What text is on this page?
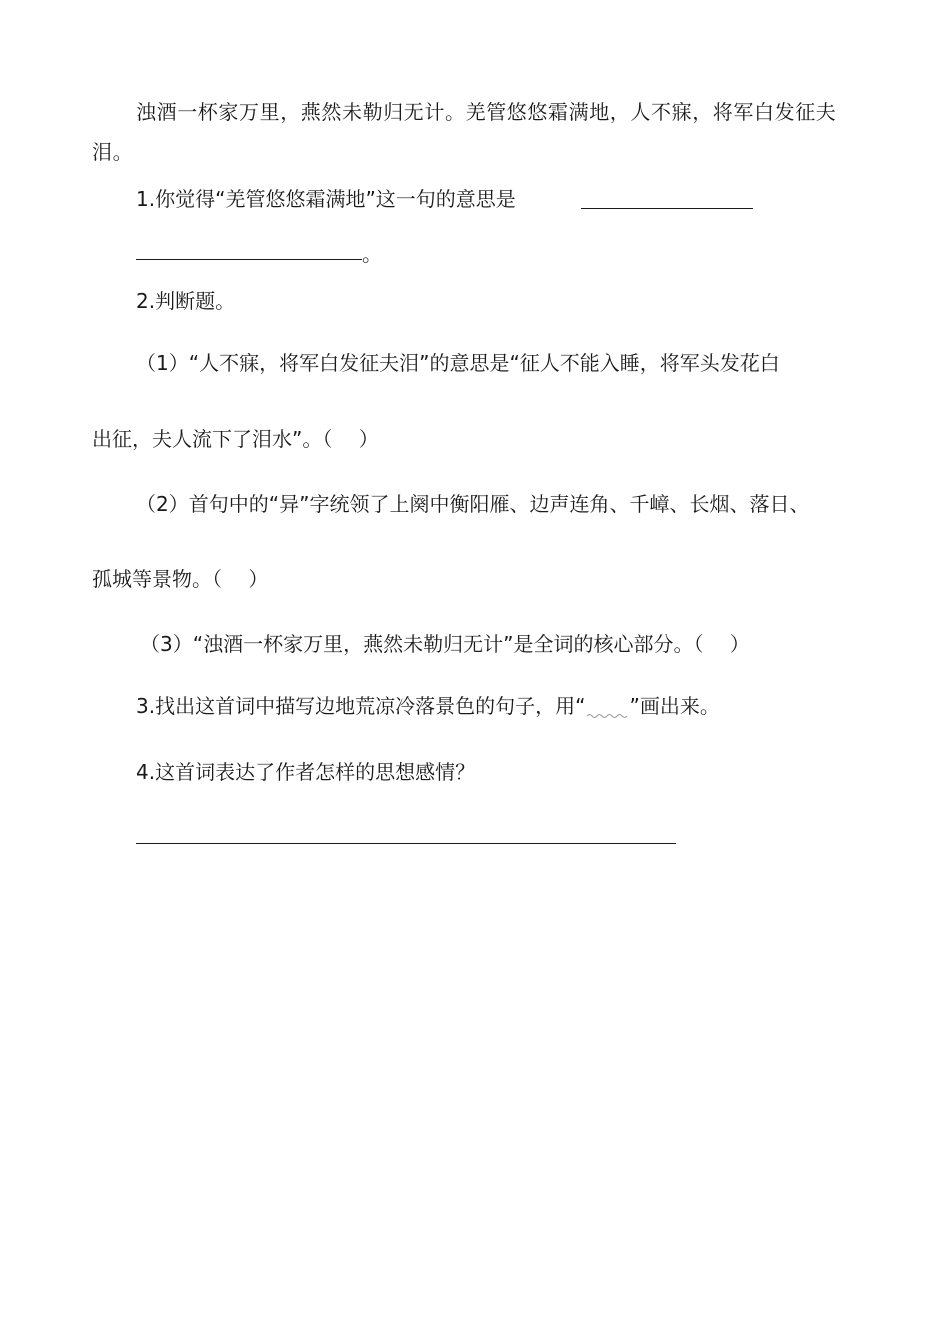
浊酒一杯家万里，燕然未勒归无计。羌管悠悠霜满地，人不寐，将军白发征夫
泪。
1.你觉得“羌管悠悠霜满地”这一句的意思是
。
2.判断题。
（1）“人不寐，将军白发征夫泪”的意思是“征人不能入睡，将军头发花白
出征，夫人流下了泪水”。（　 ）
（2）首句中的“异”字统领了上阕中衡阳雁、边声连角、千嶂、长烟、落日、
孤城等景物。（　 ）
（3）“浊酒一杯家万里，燕然未勒归无计”是全词的核心部分。（　 ）
3.找出这首词中描写边地荒凉冷落景色的句子，用“ ”画出来。
4.这首词表达了作者怎样的思想感情？
